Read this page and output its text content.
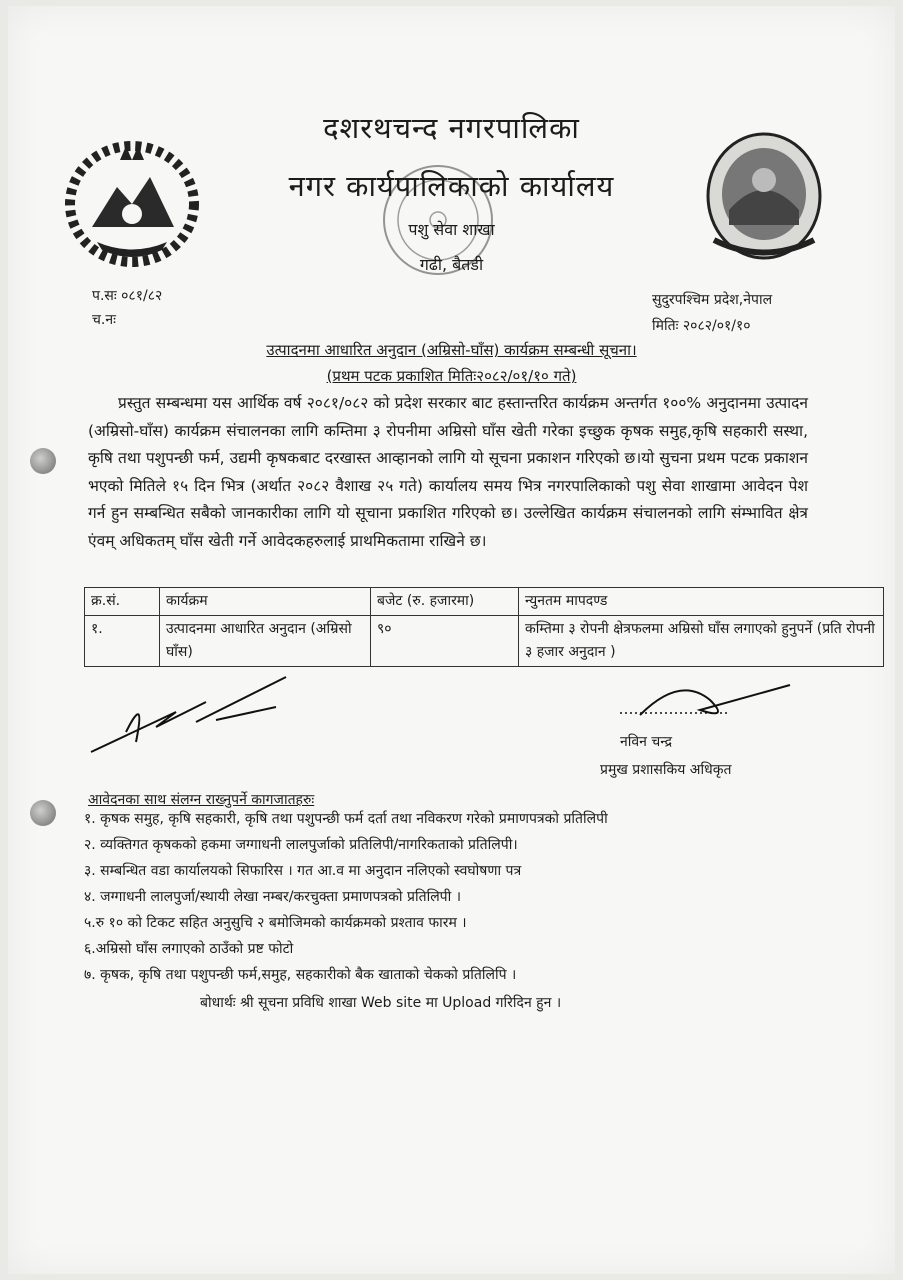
दशरथचन्द नगरपालिका
नगर कार्यपालिकाको कार्यालय
पशु सेवा शाखा
गढी, बैतडी
प.सः ०८१/८२
च.नः
सुदुरपश्चिम प्रदेश,नेपाल
मितिः २०८२/०१/१०
उत्पादनमा आधारित अनुदान (अम्रिसो-घाँस) कार्यक्रम सम्बन्धी सूचना।
(प्रथम पटक प्रकाशित मितिः२०८२/०१/१० गते)
प्रस्तुत सम्बन्धमा यस आर्थिक वर्ष २०८१/०८२ को प्रदेश सरकार बाट हस्तान्तरित कार्यक्रम अन्तर्गत १००% अनुदानमा उत्पादन (अम्रिसो-घाँस) कार्यक्रम संचालनका लागि कम्तिमा ३ रोपनीमा अम्रिसो घाँस खेती गरेका इच्छुक कृषक समुह,कृषि सहकारी सस्था, कृषि तथा पशुपन्छी फर्म, उद्यमी कृषकबाट दरखास्त आव्हानको लागि यो सूचना प्रकाशन गरिएको छ।यो सुचना प्रथम पटक प्रकाशन भएको मितिले १५ दिन भित्र (अर्थात २०८२ वैशाख २५ गते) कार्यालय समय भित्र नगरपालिकाको पशु सेवा शाखामा आवेदन पेश गर्न हुन सम्बन्धित सबैको जानकारीका लागि यो सूचाना प्रकाशित गरिएको छ। उल्लेखित कार्यक्रम संचालनको लागि संम्भावित क्षेत्र एंवम् अधिकतम् घाँस खेती गर्ने आवेदकहरुलाई प्राथमिकतामा राखिने छ।
क्र.सं.	कार्यक्रम	बजेट (रु. हजारमा)	न्युनतम मापदण्ड
१.	उत्पादनमा आधारित अनुदान (अम्रिसो घाँस)	९०	कम्तिमा ३ रोपनी क्षेत्रफलमा अम्रिसो घाँस लगाएको हुनुपर्ने (प्रति रोपनी ३ हजार अनुदान )
नविन चन्द्र
प्रमुख प्रशासकिय अधिकृत
आवेदनका साथ संलग्न राख्नुपर्ने कागजातहरुः
१. कृषक समुह, कृषि सहकारी, कृषि तथा पशुपन्छी फर्म दर्ता तथा नविकरण गरेको प्रमाणपत्रको प्रतिलिपी
२. व्यक्तिगत कृषकको हकमा जग्गाधनी लालपुर्जाको प्रतिलिपी/नागरिकताको प्रतिलिपी।
३. सम्बन्धित वडा कार्यालयको सिफारिस । गत आ.व मा अनुदान नलिएको स्वघोषणा पत्र
४. जग्गाधनी लालपुर्जा/स्थायी लेखा नम्बर/करचुक्ता प्रमाणपत्रको प्रतिलिपी ।
५.रु १० को टिकट सहित अनुसुचि २ बमोजिमको कार्यक्रमको प्रश्ताव फारम ।
६.अम्रिसो घाँस लगाएको ठाउँको प्रष्ट फोटो
७. कृषक, कृषि तथा पशुपन्छी फर्म,समुह, सहकारीको बैक खाताको चेकको प्रतिलिपि ।
बोधार्थः श्री सूचना प्रविधि शाखा Web site मा Upload गरिदिन हुन ।
